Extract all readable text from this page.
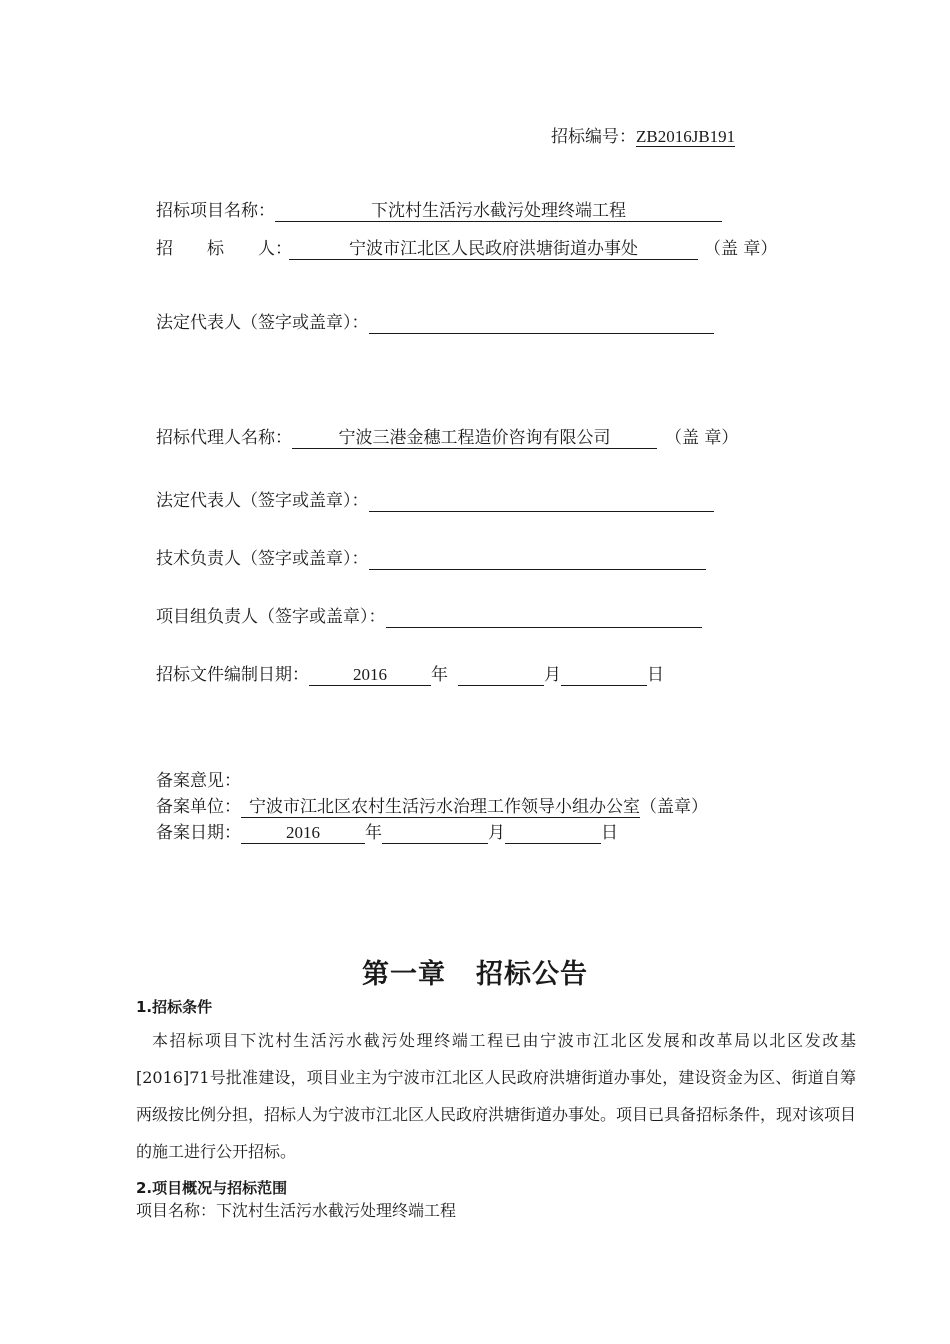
招标编号：ZB2016JB191
招标项目名称：	下沈村生活污水截污处理终端工程
招　　标　　人：	宁波市江北区人民政府洪塘街道办事处	（盖 章）
法定代表人（签字或盖章）：
招标代理人名称：	宁波三港金穗工程造价咨询有限公司	（盖 章）
法定代表人（签字或盖章）：
技术负责人（签字或盖章）：
项目组负责人（签字或盖章）：
招标文件编制日期：	2016	年	月	日
备案意见：
备案单位： 宁波市江北区农村生活污水治理工作领导小组办公室（盖章）
备案日期：	2016	年	月	日
第一章 招标公告
1.招标条件
本招标项目下沈村生活污水截污处理终端工程已由宁波市江北区发展和改革局以北区发改基[2016]71号批准建设，项目业主为宁波市江北区人民政府洪塘街道办事处，建设资金为区、街道自筹两级按比例分担，招标人为宁波市江北区人民政府洪塘街道办事处。项目已具备招标条件，现对该项目的施工进行公开招标。
2.项目概况与招标范围
项目名称：下沈村生活污水截污处理终端工程
